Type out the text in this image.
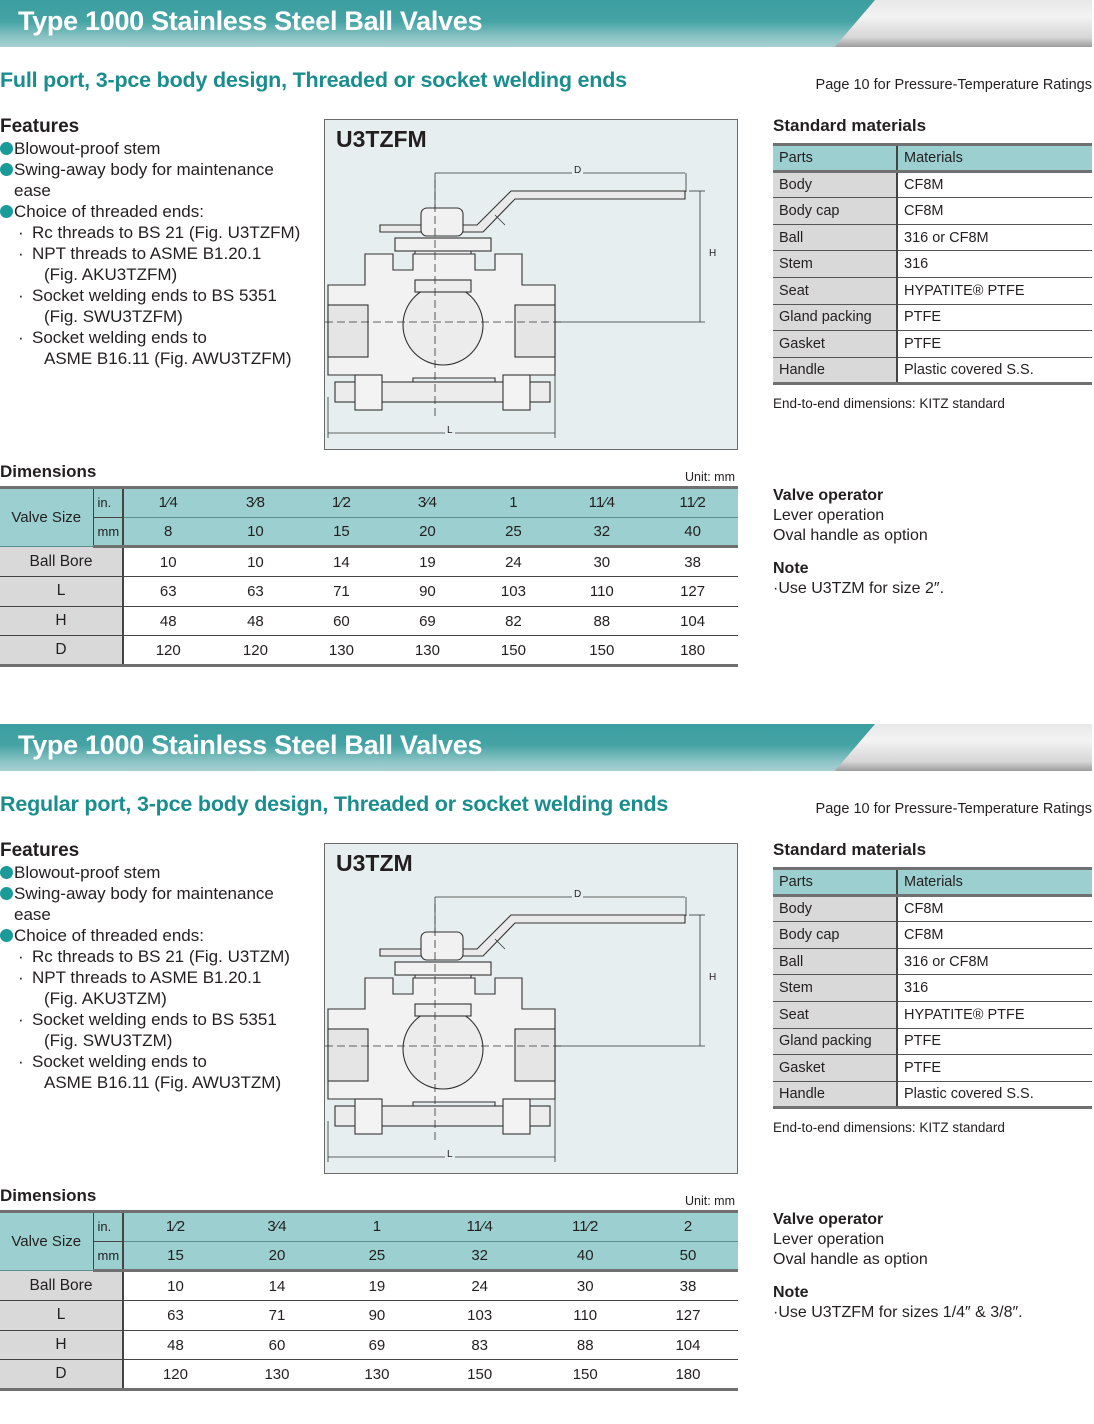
Type 1000 Stainless Steel Ball Valves
Full port, 3-pce body design, Threaded or socket welding ends	Page 10 for Pressure-Temperature Ratings
Features
Blowout-proof stem
Swing-away body for maintenance
ease
Choice of threaded ends:
· Rc threads to BS 21 (Fig. U3TZFM)
· NPT threads to ASME B1.20.1
(Fig. AKU3TZFM)
· Socket welding ends to BS 5351
(Fig. SWU3TZFM)
· Socket welding ends to
ASME B16.11 (Fig. AWU3TZFM)
U3TZFM
D
H
L
Standard materials
Parts	Materials
Body	CF8M
Body cap	CF8M
Ball	316 or CF8M
Stem	316
Seat	HYPATITE® PTFE
Gland packing	PTFE
Gasket	PTFE
Handle	Plastic covered S.S.
End-to-end dimensions: KITZ standard
Dimensions	Unit: mm
Valve Size	in.	1⁄4	3⁄8	1⁄2	3⁄4	1	11⁄4	11⁄2
	mm	8	10	15	20	25	32	40
Ball Bore		10	10	14	19	24	30	38
L		63	63	71	90	103	110	127
H		48	48	60	69	82	88	104
D		120	120	130	130	150	150	180
Valve operator
Lever operation
Oval handle as option
Note
·Use U3TZM for size 2″.
Type 1000 Stainless Steel Ball Valves
Regular port, 3-pce body design, Threaded or socket welding ends	Page 10 for Pressure-Temperature Ratings
Features
Blowout-proof stem
Swing-away body for maintenance
ease
Choice of threaded ends:
· Rc threads to BS 21 (Fig. U3TZM)
· NPT threads to ASME B1.20.1
(Fig. AKU3TZM)
· Socket welding ends to BS 5351
(Fig. SWU3TZM)
· Socket welding ends to
ASME B16.11 (Fig. AWU3TZM)
U3TZM
D
H
L
Standard materials
Parts	Materials
Body	CF8M
Body cap	CF8M
Ball	316 or CF8M
Stem	316
Seat	HYPATITE® PTFE
Gland packing	PTFE
Gasket	PTFE
Handle	Plastic covered S.S.
End-to-end dimensions: KITZ standard
Dimensions	Unit: mm
Valve Size	in.	1⁄2	3⁄4	1	11⁄4	11⁄2	2
	mm	15	20	25	32	40	50
Ball Bore		10	14	19	24	30	38
L		63	71	90	103	110	127
H		48	60	69	83	88	104
D		120	130	130	150	150	180
Valve operator
Lever operation
Oval handle as option
Note
·Use U3TZFM for sizes 1/4″ & 3/8″.
